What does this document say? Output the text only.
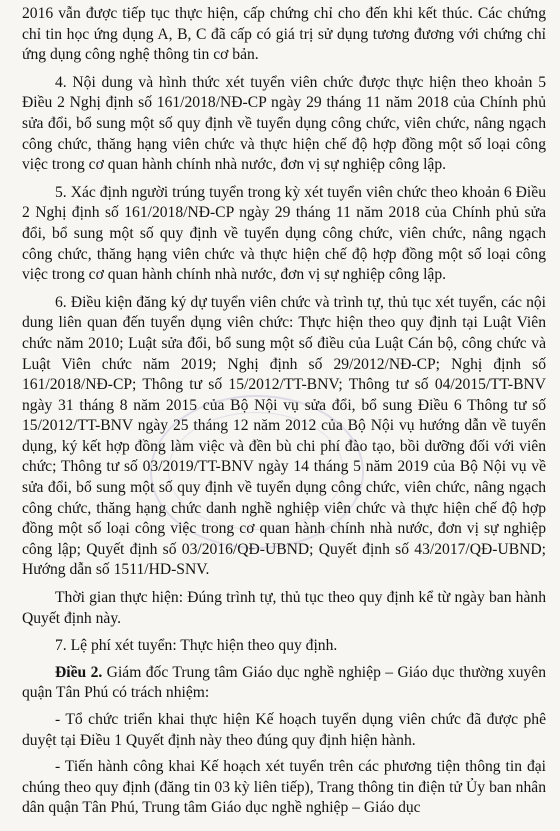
2016 vẫn được tiếp tục thực hiện, cấp chứng chỉ cho đến khi kết thúc. Các chứng chỉ tin học ứng dụng A, B, C đã cấp có giá trị sử dụng tương đương với chứng chỉ ứng dụng công nghệ thông tin cơ bản.

4. Nội dung và hình thức xét tuyển viên chức được thực hiện theo khoản 5 Điều 2 Nghị định số 161/2018/NĐ-CP ngày 29 tháng 11 năm 2018 của Chính phủ sửa đổi, bổ sung một số quy định về tuyển dụng công chức, viên chức, nâng ngạch công chức, thăng hạng viên chức và thực hiện chế độ hợp đồng một số loại công việc trong cơ quan hành chính nhà nước, đơn vị sự nghiệp công lập.

5. Xác định người trúng tuyển trong kỳ xét tuyển viên chức theo khoản 6 Điều 2 Nghị định số 161/2018/NĐ-CP ngày 29 tháng 11 năm 2018 của Chính phủ sửa đổi, bổ sung một số quy định về tuyển dụng công chức, viên chức, nâng ngạch công chức, thăng hạng viên chức và thực hiện chế độ hợp đồng một số loại công việc trong cơ quan hành chính nhà nước, đơn vị sự nghiệp công lập.

6. Điều kiện đăng ký dự tuyển viên chức và trình tự, thủ tục xét tuyển, các nội dung liên quan đến tuyển dụng viên chức: Thực hiện theo quy định tại Luật Viên chức năm 2010; Luật sửa đổi, bổ sung một số điều của Luật Cán bộ, công chức và Luật Viên chức năm 2019; Nghị định số 29/2012/NĐ-CP; Nghị định số 161/2018/NĐ-CP; Thông tư số 15/2012/TT-BNV; Thông tư số 04/2015/TT-BNV ngày 31 tháng 8 năm 2015 của Bộ Nội vụ sửa đổi, bổ sung Điều 6 Thông tư số 15/2012/TT-BNV ngày 25 tháng 12 năm 2012 của Bộ Nội vụ hướng dẫn về tuyển dụng, ký kết hợp đồng làm việc và đền bù chi phí đào tạo, bồi dưỡng đối với viên chức; Thông tư số 03/2019/TT-BNV ngày 14 tháng 5 năm 2019 của Bộ Nội vụ về sửa đổi, bổ sung một số quy định về tuyển dụng công chức, viên chức, nâng ngạch công chức, thăng hạng chức danh nghề nghiệp viên chức và thực hiện chế độ hợp đồng một số loại công việc trong cơ quan hành chính nhà nước, đơn vị sự nghiệp công lập; Quyết định số 03/2016/QĐ-UBND; Quyết định số 43/2017/QĐ-UBND; Hướng dẫn số 1511/HD-SNV.

Thời gian thực hiện: Đúng trình tự, thủ tục theo quy định kể từ ngày ban hành Quyết định này.

7. Lệ phí xét tuyển: Thực hiện theo quy định.

Điều 2. Giám đốc Trung tâm Giáo dục nghề nghiệp – Giáo dục thường xuyên quận Tân Phú có trách nhiệm:

- Tổ chức triển khai thực hiện Kế hoạch tuyển dụng viên chức đã được phê duyệt tại Điều 1 Quyết định này theo đúng quy định hiện hành.

- Tiến hành công khai Kế hoạch xét tuyển trên các phương tiện thông tin đại chúng theo quy định (đăng tin 03 kỳ liên tiếp), Trang thông tin điện tử Ủy ban nhân dân quận Tân Phú, Trung tâm Giáo dục nghề nghiệp – Giáo dục
